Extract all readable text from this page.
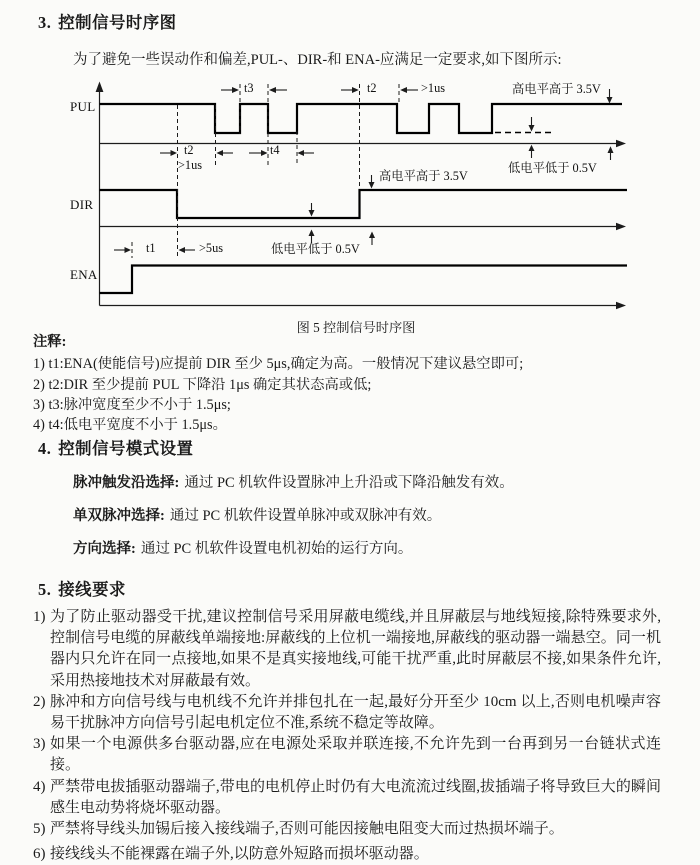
3. 控制信号时序图

为了避免一些误动作和偏差,PUL-、DIR-和 ENA-应满足一定要求,如下图所示:

PUL
DIR
ENA
t3	t2	>1us	高电平高于 3.5V
t2
>1us
t4
低电平低于 0.5V
高电平高于 3.5V
低电平低于 0.5V
t1	>5us
图 5 控制信号时序图
注释:
1) t1:ENA(使能信号)应提前 DIR 至少 5μs,确定为高。一般情况下建议悬空即可;
2) t2:DIR 至少提前 PUL 下降沿 1μs 确定其状态高或低;
3) t3:脉冲宽度至少不小于 1.5μs;
4) t4:低电平宽度不小于 1.5μs。
4. 控制信号模式设置
脉冲触发沿选择: 通过 PC 机软件设置脉冲上升沿或下降沿触发有效。
单双脉冲选择: 通过 PC 机软件设置单脉冲或双脉冲有效。
方向选择: 通过 PC 机软件设置电机初始的运行方向。
5. 接线要求
1) 为了防止驱动器受干扰,建议控制信号采用屏蔽电缆线,并且屏蔽层与地线短接,除特殊要求外,控制信号电缆的屏蔽线单端接地:屏蔽线的上位机一端接地,屏蔽线的驱动器一端悬空。同一机器内只允许在同一点接地,如果不是真实接地线,可能干扰严重,此时屏蔽层不接,如果条件允许,采用热接地技术对屏蔽最有效。
2) 脉冲和方向信号线与电机线不允许并排包扎在一起,最好分开至少 10cm 以上,否则电机噪声容易干扰脉冲方向信号引起电机定位不准,系统不稳定等故障。
3) 如果一个电源供多台驱动器,应在电源处采取并联连接,不允许先到一台再到另一台链状式连接。
4) 严禁带电拔插驱动器端子,带电的电机停止时仍有大电流流过线圈,拔插端子将导致巨大的瞬间感生电动势将烧坏驱动器。
5) 严禁将导线头加锡后接入接线端子,否则可能因接触电阻变大而过热损坏端子。
6) 接线线头不能裸露在端子外,以防意外短路而损坏驱动器。
